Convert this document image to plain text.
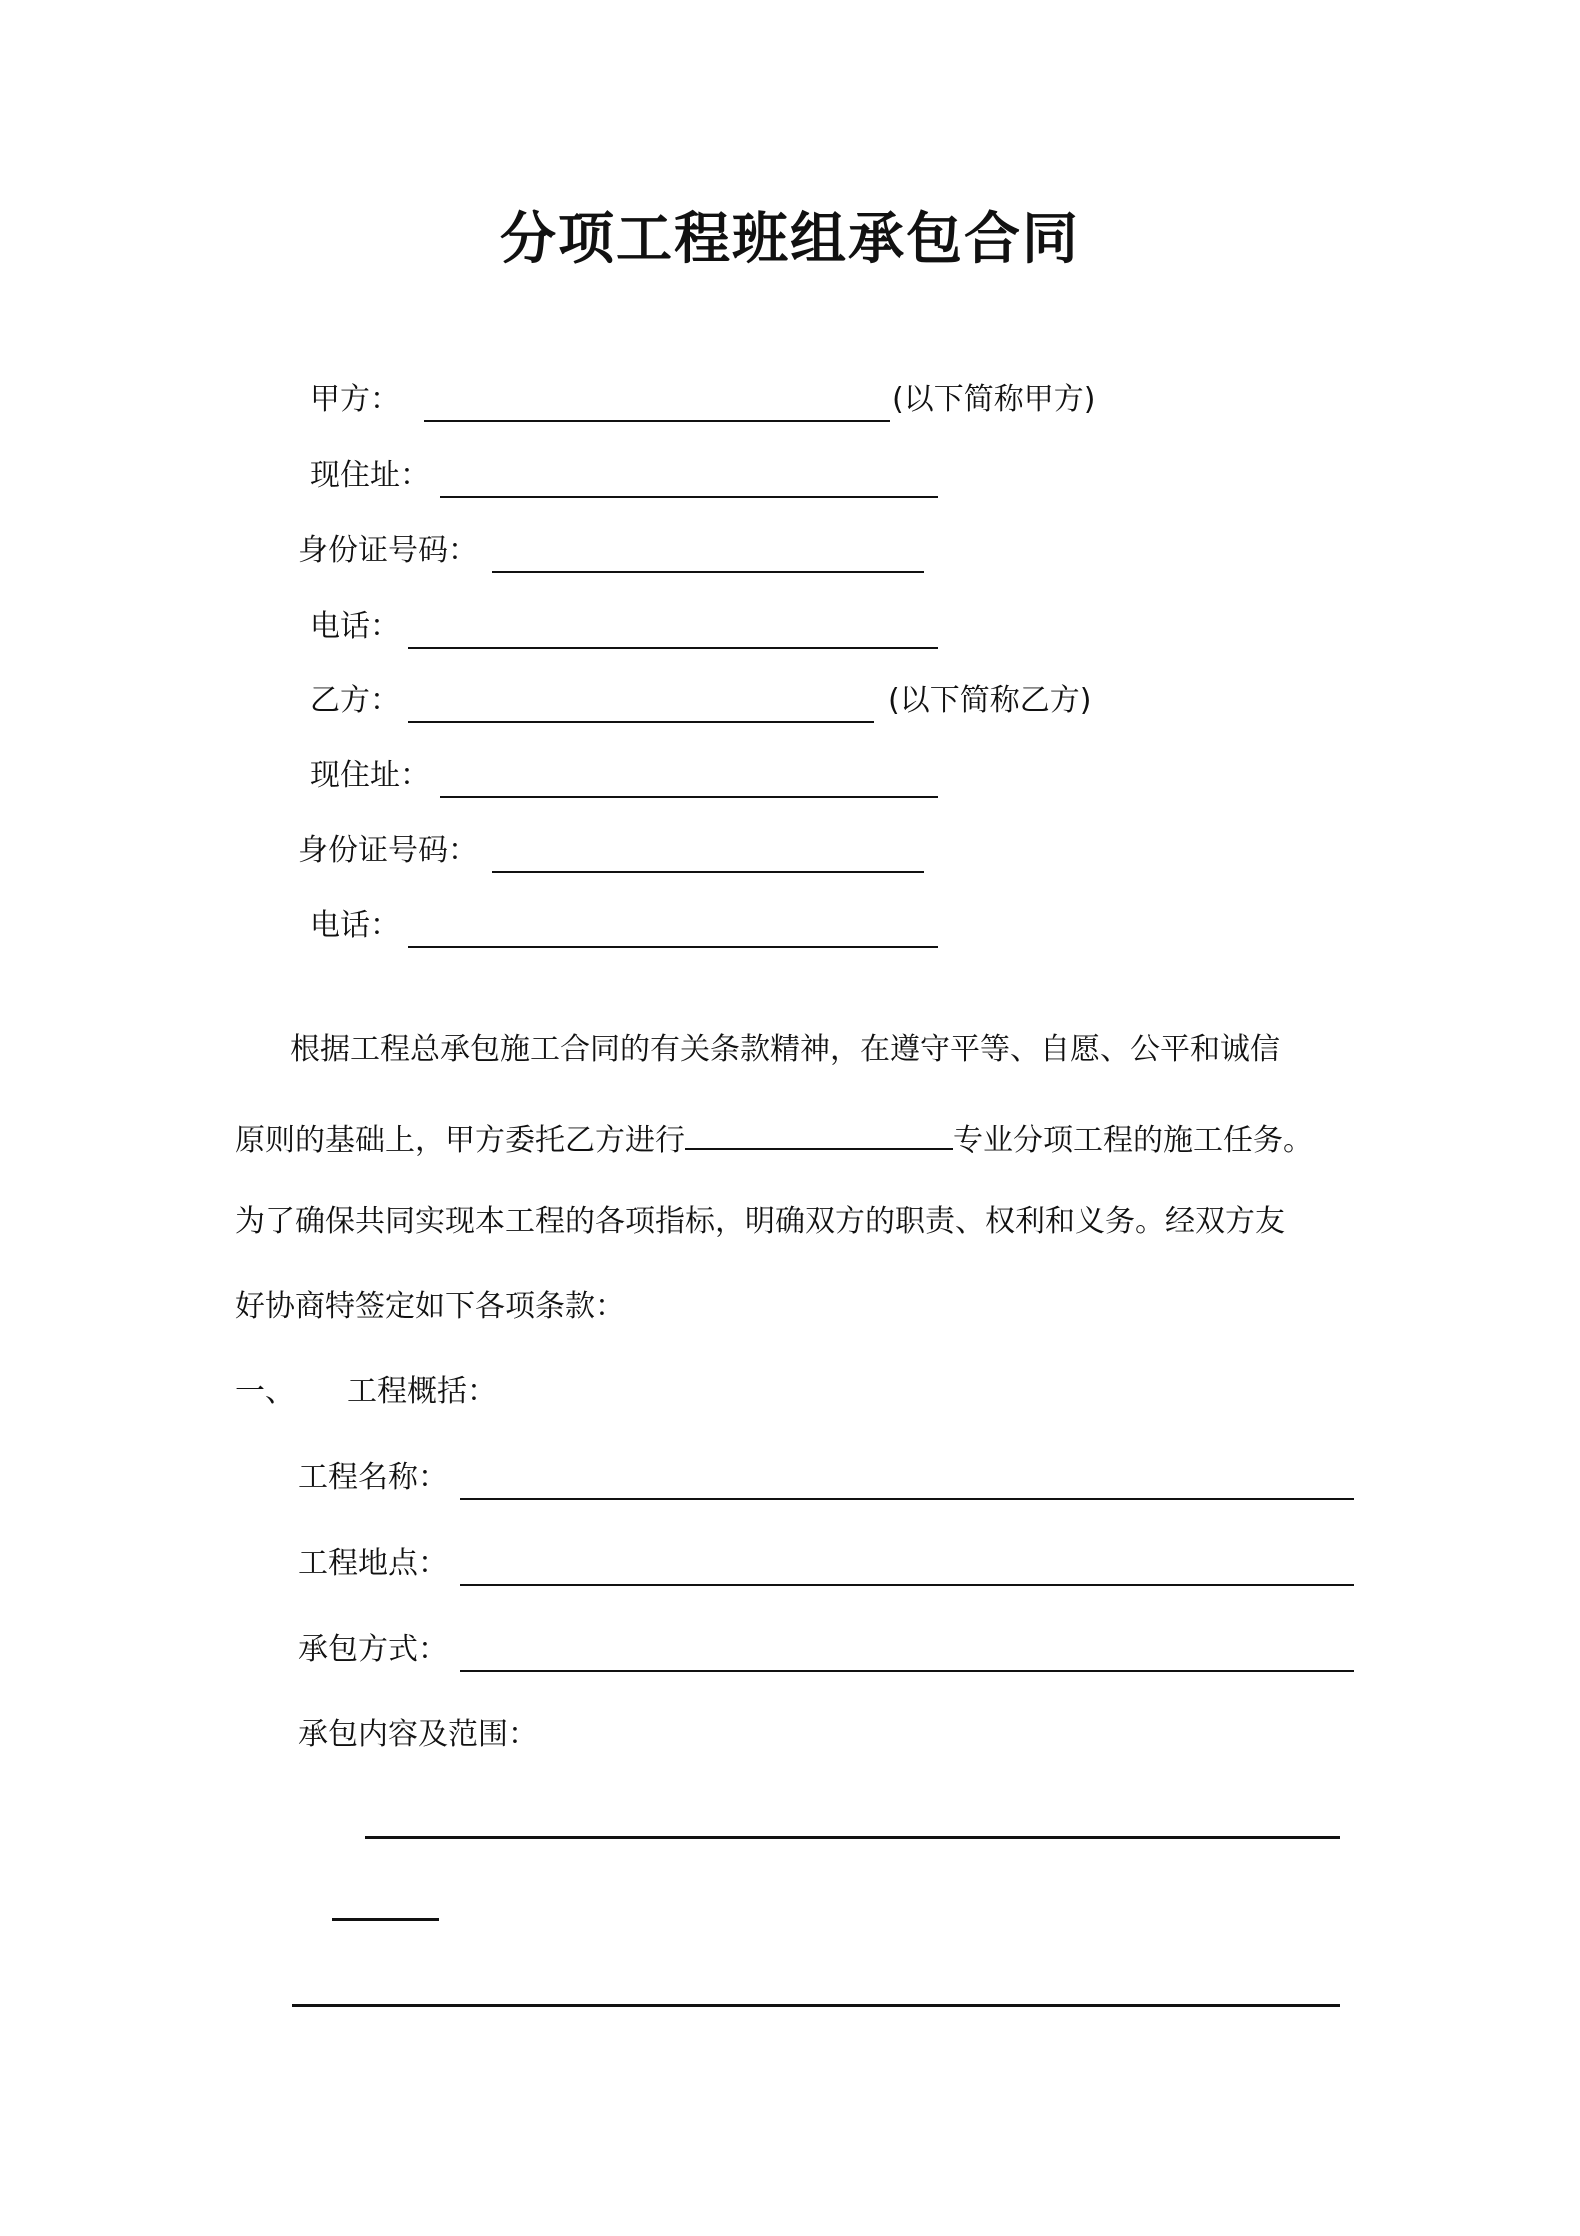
分项工程班组承包合同
甲方：	(以下简称甲方)
现住址：
身份证号码：
电话：
乙方：	(以下简称乙方)
现住址：
身份证号码：
电话：
根据工程总承包施工合同的有关条款精神，在遵守平等、自愿、公平和诚信
原则的基础上，甲方委托乙方进行	专业分项工程的施工任务。
为了确保共同实现本工程的各项指标，明确双方的职责、权利和义务。经双方友
好协商特签定如下各项条款：
一、 工程概括：
工程名称：
工程地点：
承包方式：
承包内容及范围：
